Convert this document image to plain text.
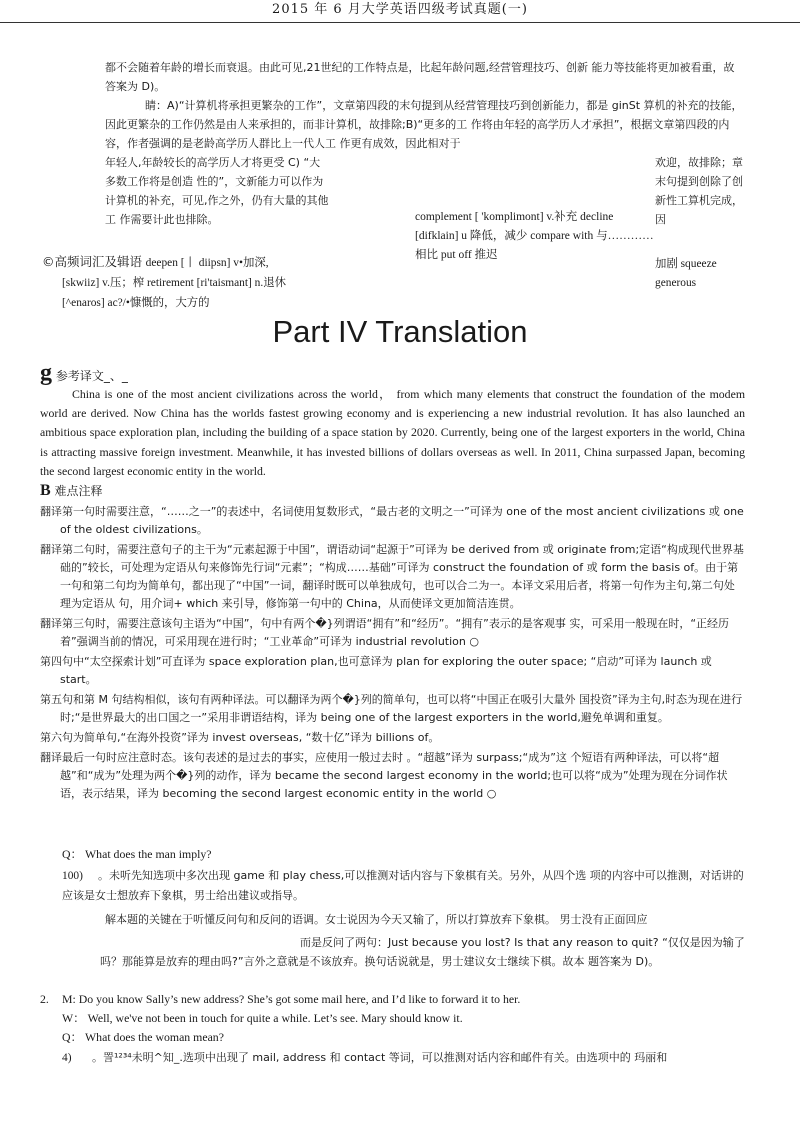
2015 年 6 月大学英语四级考试真题(一)

都不会随着年龄的增长而衰退。由此可见,21世纪的工作特点是，比起年龄问题,经营管理技巧、创新 能力等技能将更加被看重，故答案为 D)。

睛：A)“计算机将承担更繁杂的工作”，文章第四段的末句提到从经营管理技巧到创新能力，都是 ginSt 算机的补充的技能，因此更繁杂的工作仍然是由人来承担的，而非计算机，故排除;B)“更多的工 作将由年轻的高学历人才承担”，根据文章第四段的内容，作者强调的是老龄高学历人群比上一代人工 作更有成效，因此相对于

年轻人,年龄较长的高学历人才将更受 C) “大多数工作将是创造 性的”，文新能力可以作为计算机的补充，可见,作之外，仍有大量的其他工 作需要计此也排除。

欢迎，故排除；章末句提到创除了创新性工算机完成，因

complement [ 'komplimont] v.补充 decline [difklain] u 降低，减少 compare with 与…………相比 put off 推迟

©高频词汇及辑语 deepen [丨 diipsn] v•加深,
[skwiiz] v.压；榨 retirement [ri'taismant] n.退休
[^enaros] ac?/•慷慨的，大方的

加剧 squeeze generous

Part IV Translation
g 参考译文_、_

China is one of the most ancient civilizations across the world， from which many elements that construct the foundation of the modem world are derived. Now China has the worlds fastest growing economy and is experiencing a new industrial revolution. It has also launched an ambitious space exploration plan, including the building of a space station by 2020. Currently, being one of the largest exporters in the world, China is attracting massive foreign investment. Meanwhile, it has invested billions of dollars overseas as well. In 2011, China surpassed Japan, becoming the second largest economic entity in the world.

B 难点注释

翻译第一句时需要注意，“……之一”的表述中，名词使用复数形式，“最古老的文明之一”可译为 one of the most ancient civilizations 或 one of the oldest civilizations。

翻译第二句时，需要注意句子的主干为“元素起源于中国”，谓语动词“起源于”可译为 be derived from 或 originate from;定语“构成现代世界基础的”较长，可处理为定语从句来修饰先行词“元素”；“构成……基础”可译为 construct the foundation of 或 form the basis of。由于第一句和第二句均为简单句，都出现了“中国”一词，翻译时既可以单独成句，也可以合二为一。本译文采用后者，将第一句作为主句,第二句处理为定语从 句，用介词+ which 来引导，修饰第一句中的 China，从而使译文更加简洁连贯。

翻译第三句时，需要注意该句主语为“中国”，句中有两个�}列谓语“拥有”和“经历”。“拥有”表示的是客观事 实，可采用一般现在时，“正经历着”强调当前的情况，可采用现在进行时；“工业革命”可译为 industrial revolution ○

第四句中“太空探索计划”可直译为 space exploration plan,也可意译为 plan for exploring the outer space; “启动”可译为 launch 或 start。

第五句和第 M 句结构相似，该句有两种译法。可以翻译为两个�}列的简单句，也可以将“中国正在吸引大量外 国投资”译为主句,时态为现在进行时;“是世界最大的出口国之一”采用非谓语结构，译为 being one of the largest exporters in the world,避免单调和重复。

第六句为简单句,“在海外投资”译为 invest overseas, “数十亿”译为 billions of。

翻译最后一句时应注意时态。该句表述的是过去的事实，应使用一般过去时 。“超越”译为 surpass;“成为”这 个短语有两种译法，可以将“超越”和“成为”处理为两个�}列的动作，译为 became the second largest economy in the world;也可以将“成为”处理为现在分词作状语，表示结果，译为 becoming the second largest economic entity in the world ○

Q： What does the man imply?

100) 。未听先知选项中多次出现 game 和 play chess,可以推测对话内容与下象棋有关。另外，从四个选 项的内容中可以推测，对话讲的应该是女士想放弃下象棋，男士给出建议或指导。

解本题的关键在于听懂反问句和反问的语调。女士说因为今天又输了，所以打算放弃下象棋。 男士没有正面回应

而是反问了两句：Just because you lost? Is that any reason to quit? “仅仅是因为输了吗？那能算是放弃的理由吗?”言外之意就是不该放弃。换句话说就是，男士建议女士继续下棋。故本 题答案为 D)。

2. M: Do you know Sally’s new address? She’s got some mail here, and I’d like to forward it to her.
W： Well, we've not been in touch for quite a while. Let’s see. Mary should know it.
Q： What does the woman mean?
4) 。詈¹²³⁴未明^知_.选项中出现了 mail, address 和 contact 等词，可以推测对话内容和邮件有关。由选项中的 玛丽和
